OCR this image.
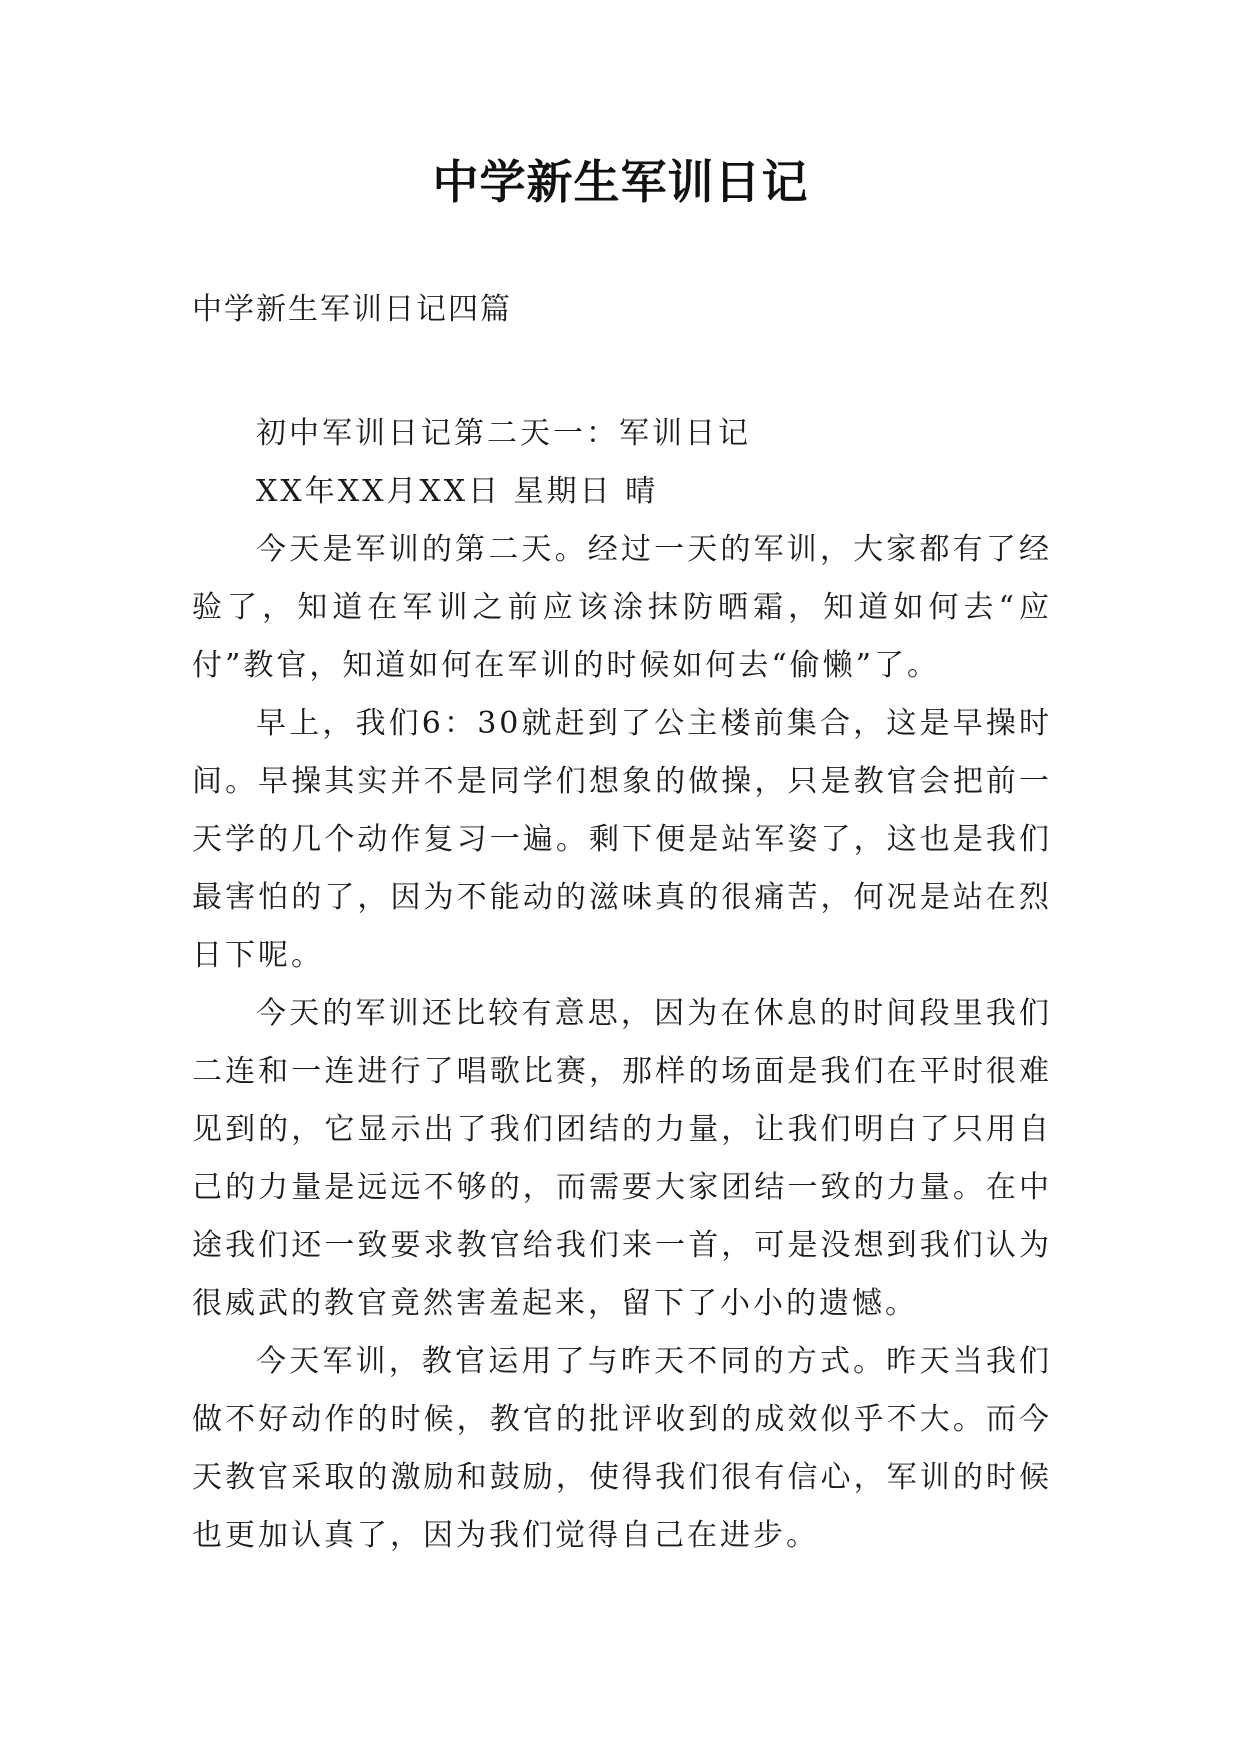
中学新生军训日记
中学新生军训日记四篇

初中军训日记第二天一：军训日记

XX年XX月XX日 星期日 晴

今天是军训的第二天。经过一天的军训，大家都有了经验了，知道在军训之前应该涂抹防晒霜，知道如何去“应付”教官，知道如何在军训的时候如何去“偷懒”了。

早上，我们6：30就赶到了公主楼前集合，这是早操时间。早操其实并不是同学们想象的做操，只是教官会把前一天学的几个动作复习一遍。剩下便是站军姿了，这也是我们最害怕的了，因为不能动的滋味真的很痛苦，何况是站在烈日下呢。

今天的军训还比较有意思，因为在休息的时间段里我们二连和一连进行了唱歌比赛，那样的场面是我们在平时很难见到的，它显示出了我们团结的力量，让我们明白了只用自己的力量是远远不够的，而需要大家团结一致的力量。在中途我们还一致要求教官给我们来一首，可是没想到我们认为很威武的教官竟然害羞起来，留下了小小的遗憾。

今天军训，教官运用了与昨天不同的方式。昨天当我们做不好动作的时候，教官的批评收到的成效似乎不大。而今天教官采取的激励和鼓励，使得我们很有信心，军训的时候也更加认真了，因为我们觉得自己在进步。
